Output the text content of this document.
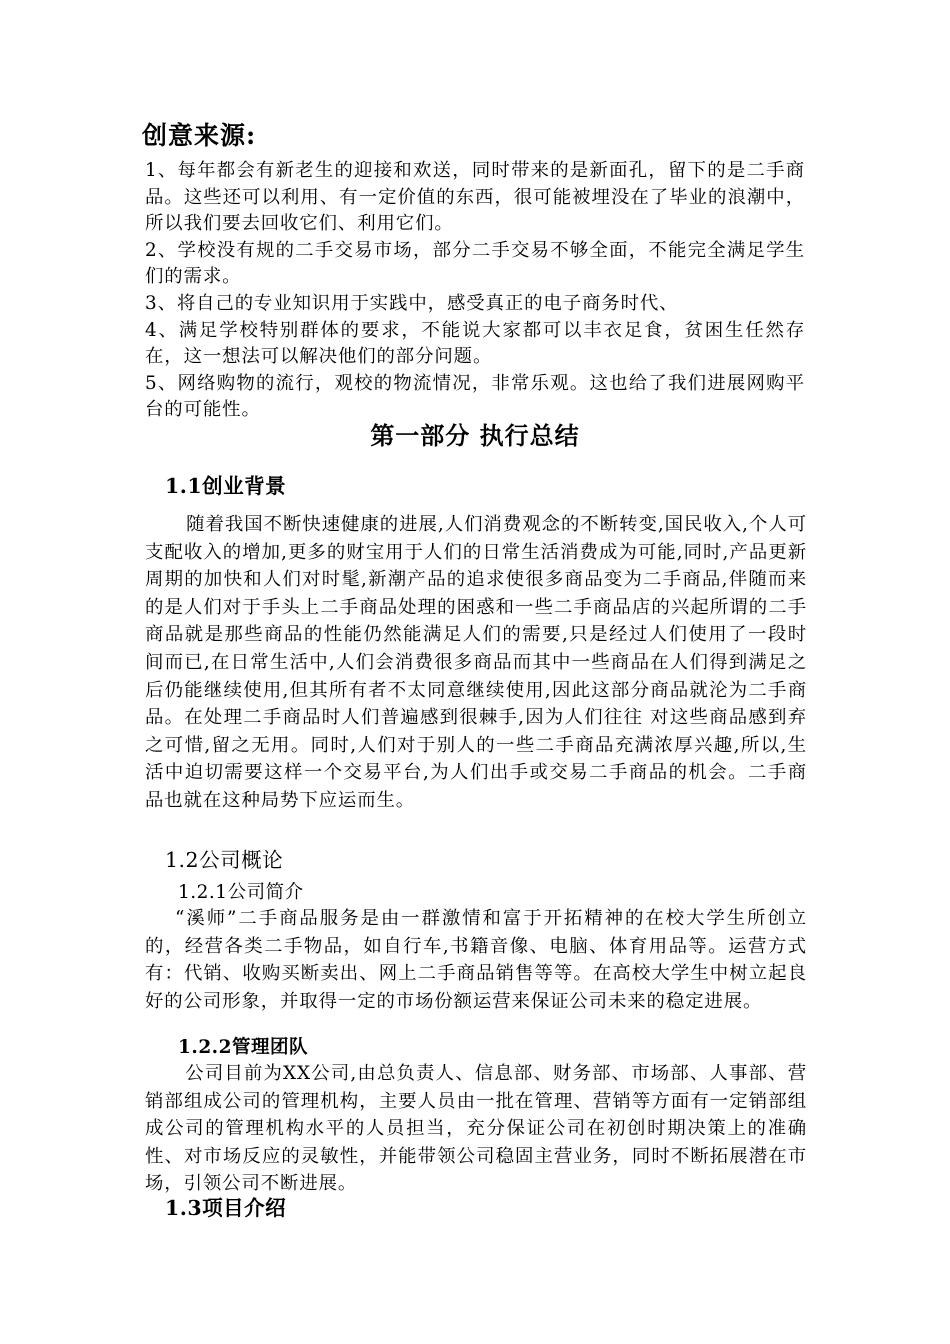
创意来源:

1、每年都会有新老生的迎接和欢送，同时带来的是新面孔，留下的是二手商品。这些还可以利用、有一定价值的东西，很可能被埋没在了毕业的浪潮中，所以我们要去回收它们、利用它们。

2、学校没有规的二手交易市场，部分二手交易不够全面，不能完全满足学生们的需求。

3、将自己的专业知识用于实践中，感受真正的电子商务时代、

4、满足学校特别群体的要求，不能说大家都可以丰衣足食，贫困生任然存在，这一想法可以解决他们的部分问题。

5、网络购物的流行，观校的物流情况，非常乐观。这也给了我们进展网购平台的可能性。

第一部分 执行总结
1.1创业背景

随着我国不断快速健康的进展,人们消费观念的不断转变,国民收入,个人可支配收入的增加,更多的财宝用于人们的日常生活消费成为可能,同时,产品更新周期的加快和人们对时髦,新潮产品的追求使很多商品变为二手商品,伴随而来的是人们对于手头上二手商品处理的困惑和一些二手商品店的兴起所谓的二手商品就是那些商品的性能仍然能满足人们的需要,只是经过人们使用了一段时间而已,在日常生活中,人们会消费很多商品而其中一些商品在人们得到满足之后仍能继续使用,但其所有者不太同意继续使用,因此这部分商品就沦为二手商品。在处理二手商品时人们普遍感到很棘手,因为人们往往 对这些商品感到弃之可惜,留之无用。同时,人们对于别人的一些二手商品充满浓厚兴趣,所以,生活中迫切需要这样一个交易平台,为人们出手或交易二手商品的机会。二手商品也就在这种局势下应运而生。

1.2公司概论
1.2.1公司简介

“溪师”二手商品服务是由一群激情和富于开拓精神的在校大学生所创立的，经营各类二手物品，如自行车,书籍音像、电脑、体育用品等。运营方式有：代销、收购买断卖出、网上二手商品销售等等。在高校大学生中树立起良好的公司形象，并取得一定的市场份额运营来保证公司未来的稳定进展。

1.2.2管理团队

公司目前为XX公司,由总负责人、信息部、财务部、市场部、人事部、营销部组成公司的管理机构，主要人员由一批在管理、营销等方面有一定销部组成公司的管理机构水平的人员担当，充分保证公司在初创时期决策上的准确性、对市场反应的灵敏性，并能带领公司稳固主营业务，同时不断拓展潜在市场，引领公司不断进展。

1.3项目介绍
